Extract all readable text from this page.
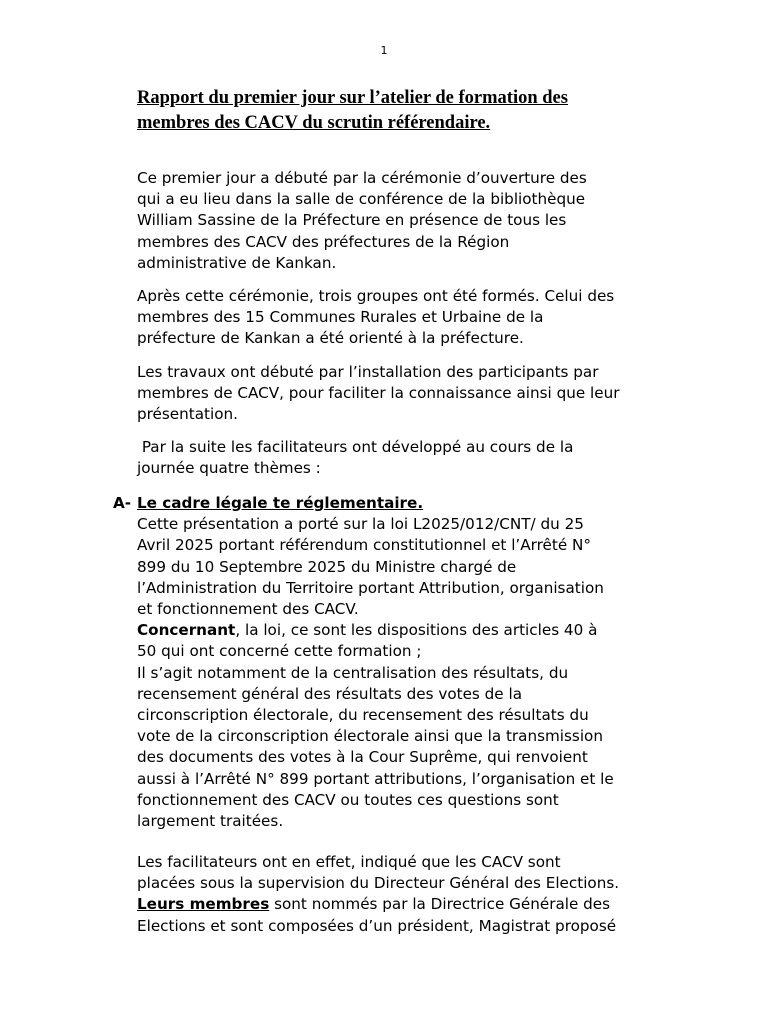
1
Rapport du premier jour sur l’atelier de formation des
membres des CACV du scrutin référendaire.
Ce premier jour a débuté par la cérémonie d’ouverture des
qui a eu lieu dans la salle de conférence de la bibliothèque
William Sassine de la Préfecture en présence de tous les
membres des CACV des préfectures de la Région
administrative de Kankan.
Après cette cérémonie, trois groupes ont été formés. Celui des
membres des 15 Communes Rurales et Urbaine de la
préfecture de Kankan a été orienté à la préfecture.
Les travaux ont débuté par l’installation des participants par
membres de CACV, pour faciliter la connaissance ainsi que leur
présentation.
Par la suite les facilitateurs ont développé au cours de la
journée quatre thèmes :
A- Le cadre légale te réglementaire.
Cette présentation a porté sur la loi L2025/012/CNT/ du 25
Avril 2025 portant référendum constitutionnel et l’Arrêté N°
899 du 10 Septembre 2025 du Ministre chargé de
l’Administration du Territoire portant Attribution, organisation
et fonctionnement des CACV.
Concernant, la loi, ce sont les dispositions des articles 40 à
50 qui ont concerné cette formation ;
Il s’agit notamment de la centralisation des résultats, du
recensement général des résultats des votes de la
circonscription électorale, du recensement des résultats du
vote de la circonscription électorale ainsi que la transmission
des documents des votes à la Cour Suprême, qui renvoient
aussi à l’Arrêté N° 899 portant attributions, l’organisation et le
fonctionnement des CACV ou toutes ces questions sont
largement traitées.
Les facilitateurs ont en effet, indiqué que les CACV sont
placées sous la supervision du Directeur Général des Elections.
Leurs membres sont nommés par la Directrice Générale des
Elections et sont composées d’un président, Magistrat proposé
